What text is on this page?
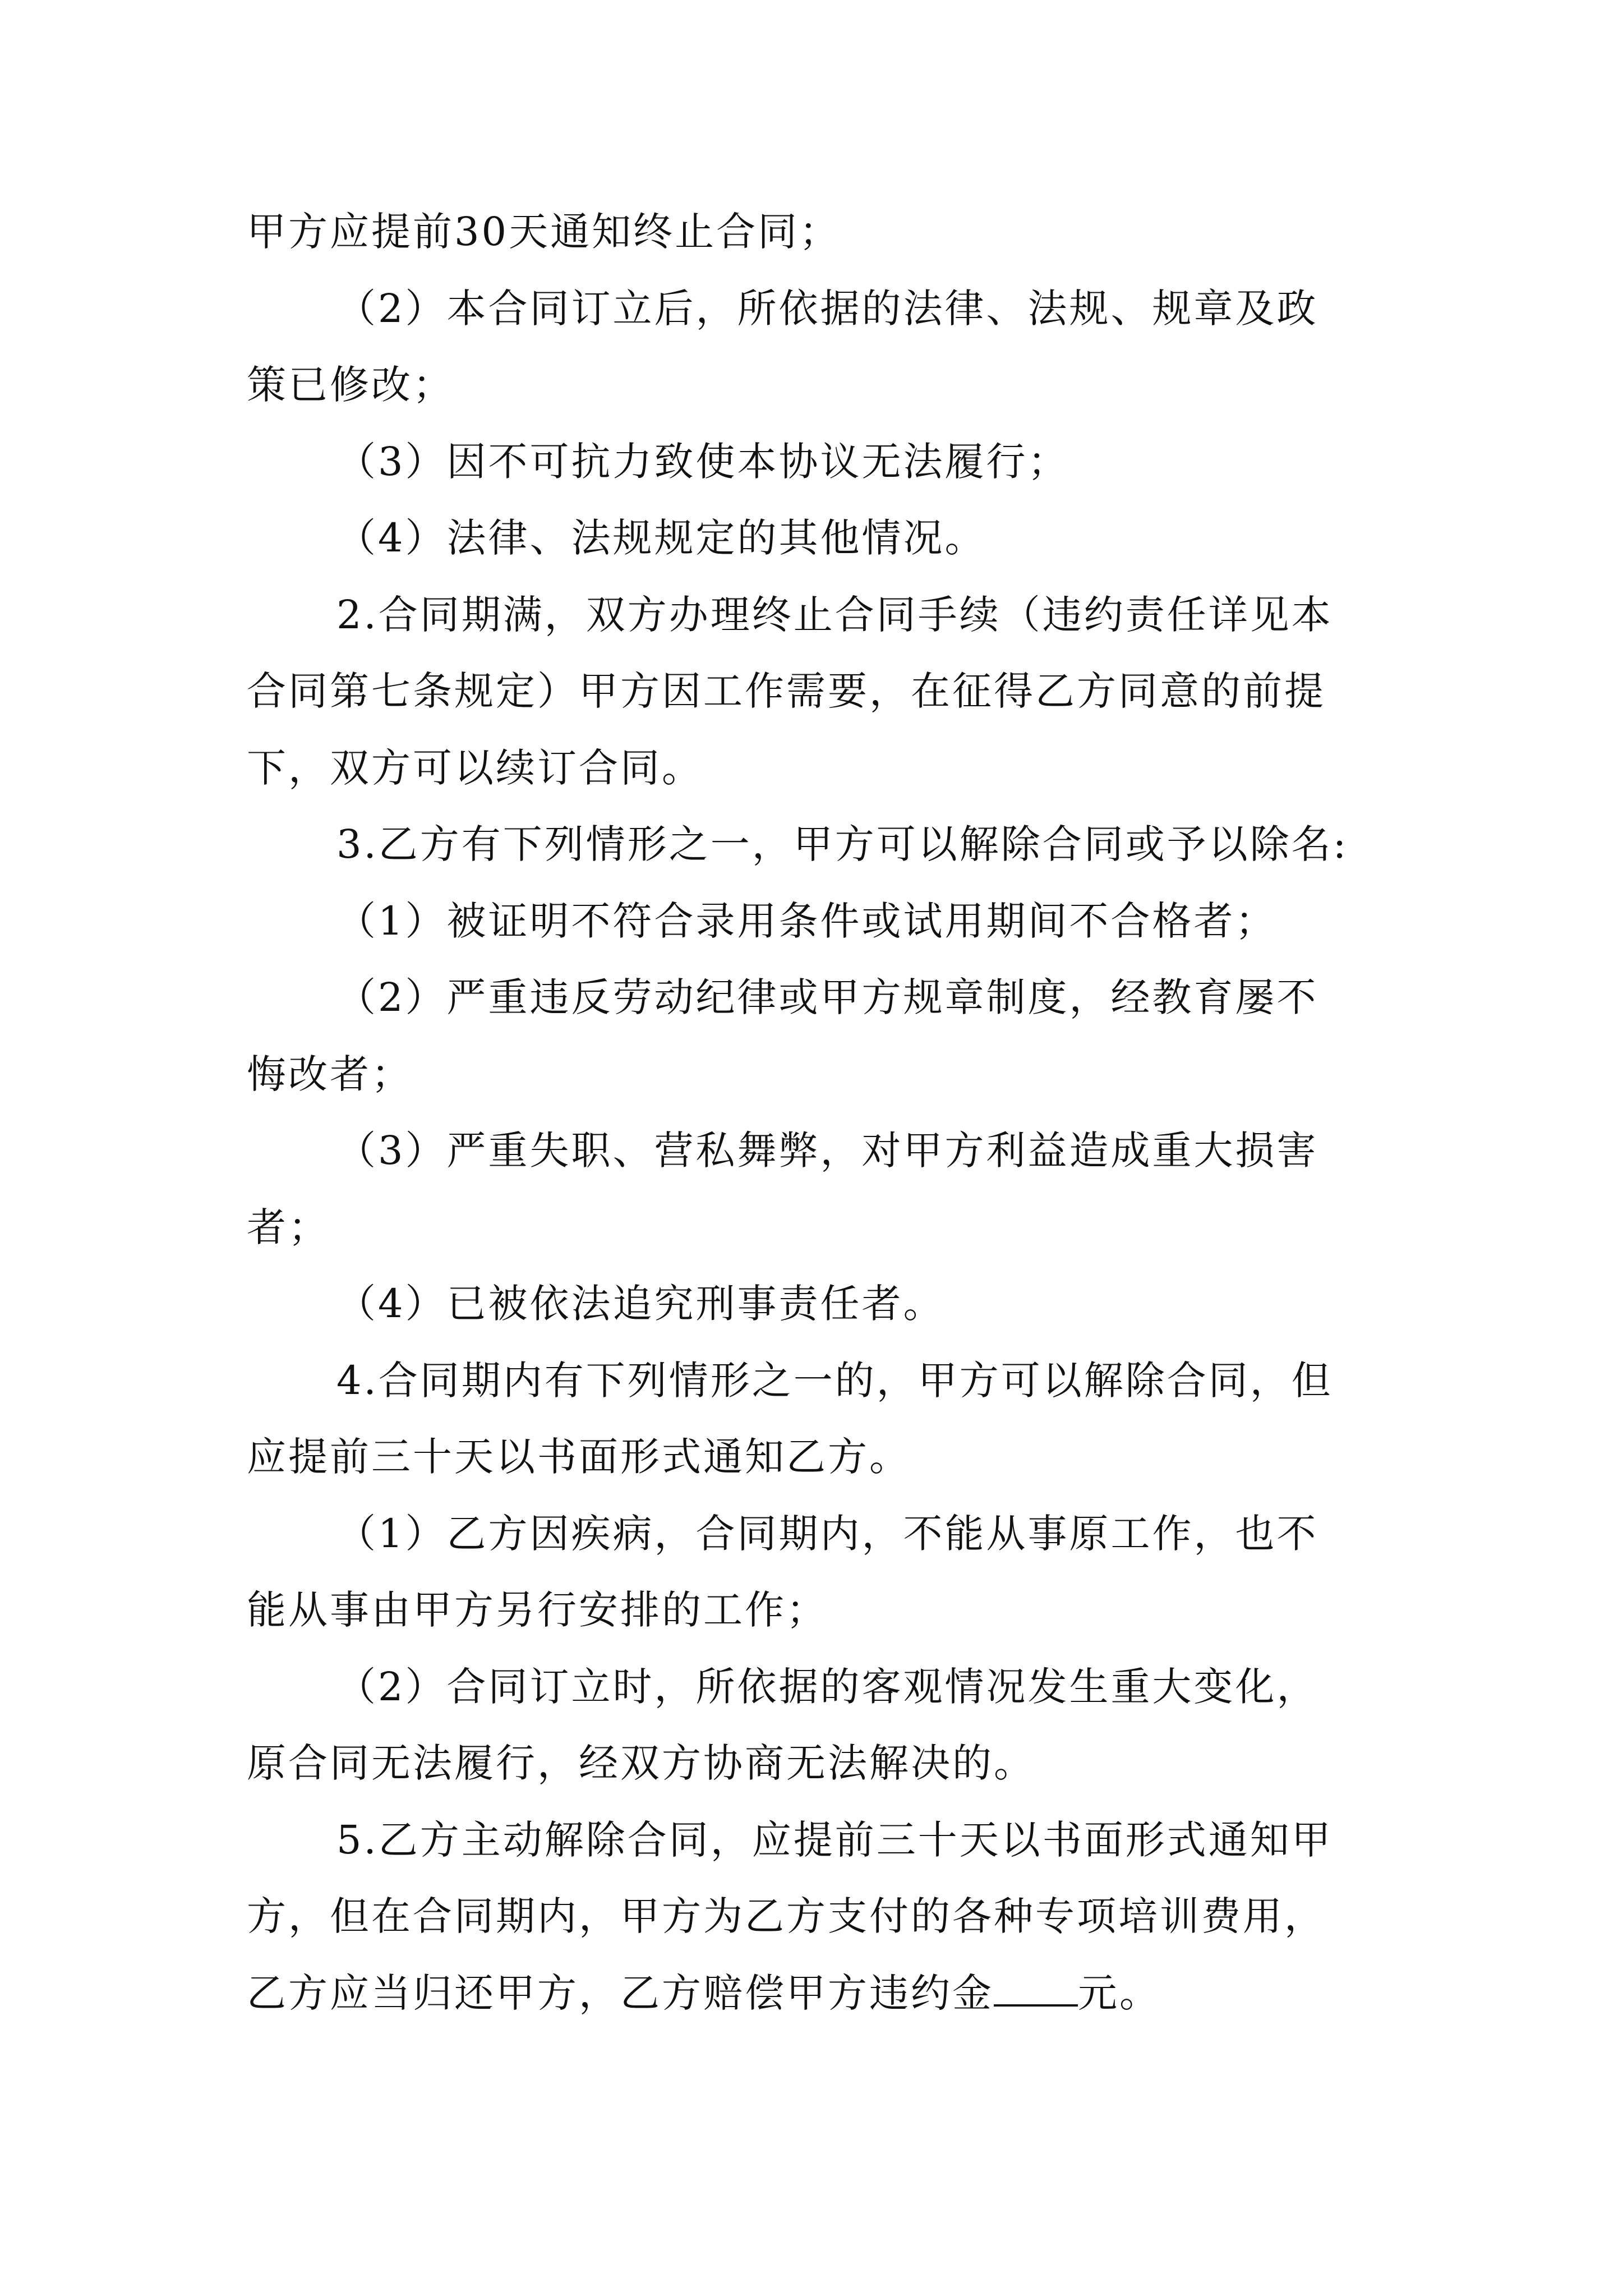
甲方应提前30天通知终止合同；
（2）本合同订立后，所依据的法律、法规、规章及政
策已修改；
（3）因不可抗力致使本协议无法履行；
（4）法律、法规规定的其他情况。
2.合同期满，双方办理终止合同手续（违约责任详见本
合同第七条规定）甲方因工作需要，在征得乙方同意的前提
下，双方可以续订合同。
3.乙方有下列情形之一，甲方可以解除合同或予以除名:
（1）被证明不符合录用条件或试用期间不合格者；
（2）严重违反劳动纪律或甲方规章制度，经教育屡不
悔改者；
（3）严重失职、营私舞弊，对甲方利益造成重大损害
者；
（4）已被依法追究刑事责任者。
4.合同期内有下列情形之一的，甲方可以解除合同，但
应提前三十天以书面形式通知乙方。
（1）乙方因疾病，合同期内，不能从事原工作，也不
能从事由甲方另行安排的工作；
（2）合同订立时，所依据的客观情况发生重大变化，
原合同无法履行，经双方协商无法解决的。
5.乙方主动解除合同，应提前三十天以书面形式通知甲
方，但在合同期内，甲方为乙方支付的各种专项培训费用，
乙方应当归还甲方，乙方赔偿甲方违约金 元。
